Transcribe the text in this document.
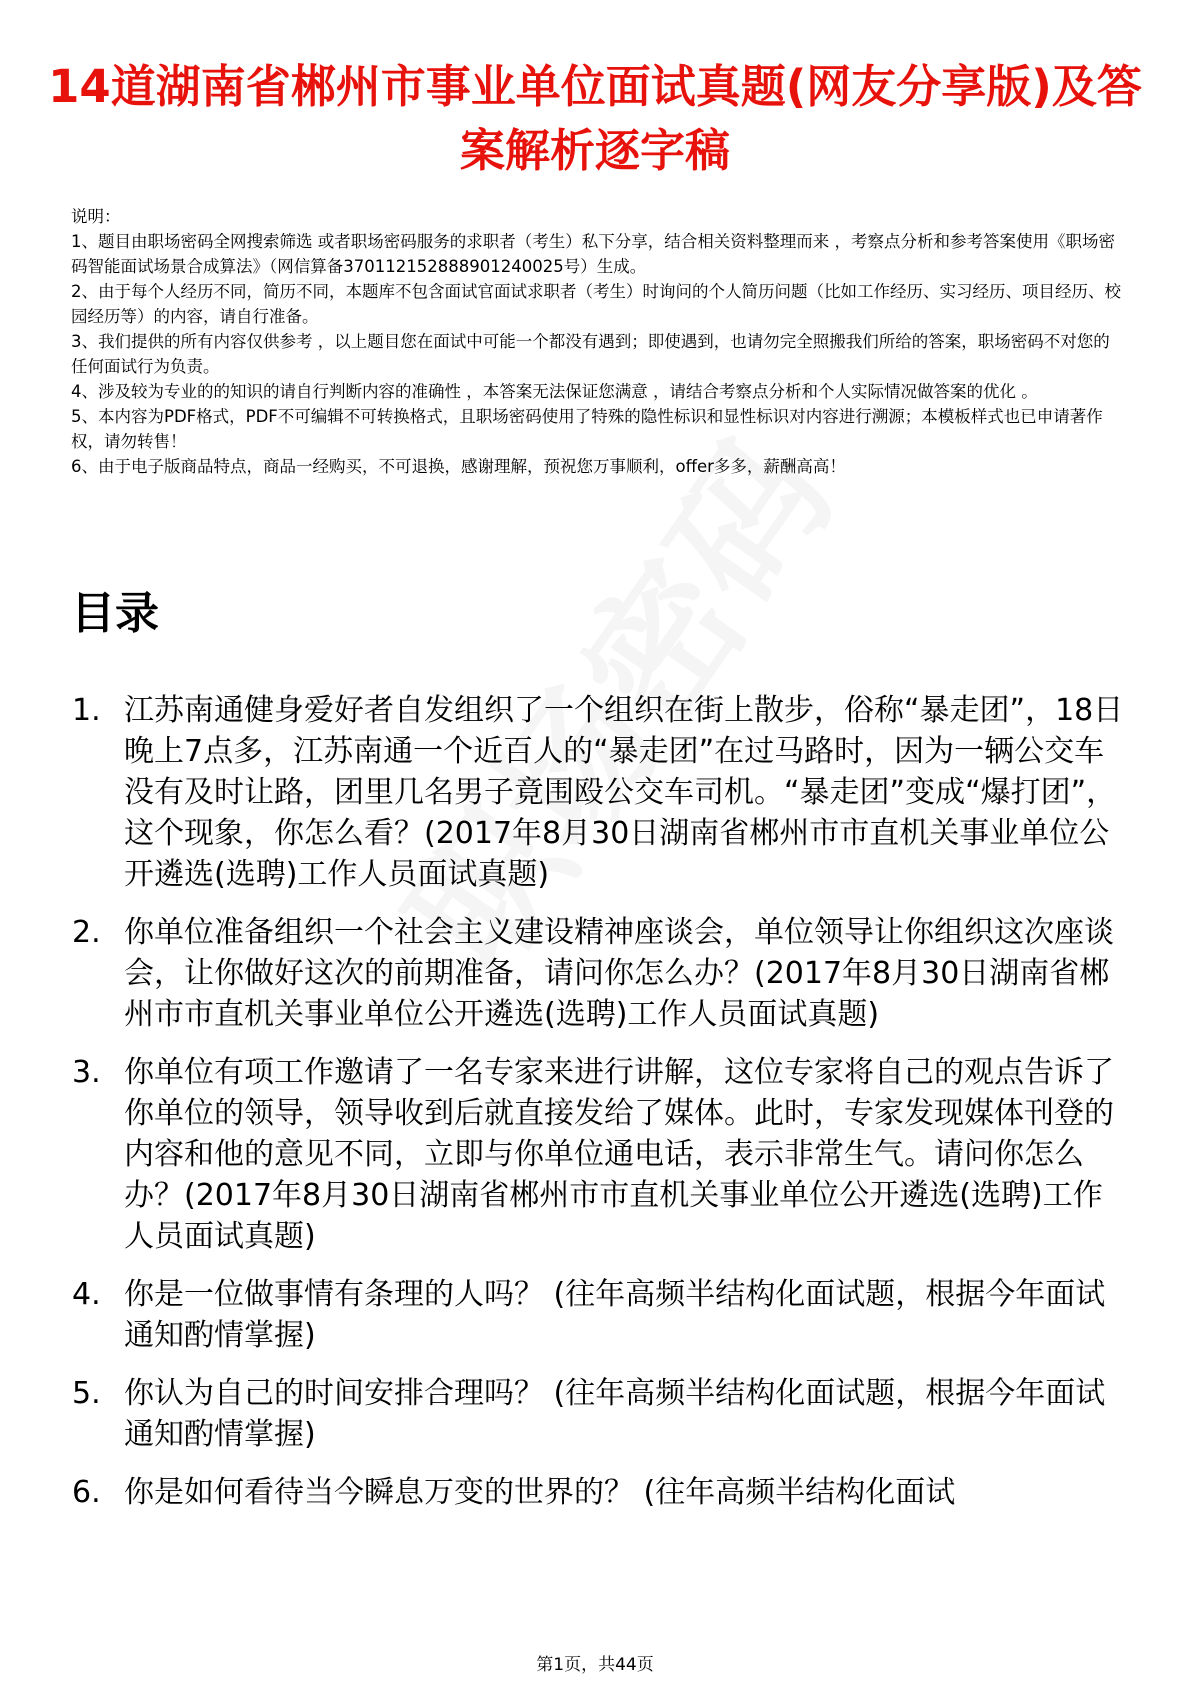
14道湖南省郴州市事业单位面试真题(网友分享版)及答案解析逐字稿

说明：

1、题目由职场密码全网搜索筛选 或者职场密码服务的求职者（考生）私下分享，结合相关资料整理而来 ，考察点分析和参考答案使用《职场密码智能面试场景合成算法》（网信算备370112152888901240025号）生成。

2、由于每个人经历不同，简历不同，本题库不包含面试官面试求职者（考生）时询问的个人简历问题（比如工作经历、实习经历、项目经历、校园经历等）的内容，请自行准备。

3、我们提供的所有内容仅供参考 ，以上题目您在面试中可能一个都没有遇到；即使遇到，也请勿完全照搬我们所给的答案，职场密码不对您的任何面试行为负责。

4、涉及较为专业的的知识的请自行判断内容的准确性 ，本答案无法保证您满意 ，请结合考察点分析和个人实际情况做答案的优化 。

5、本内容为PDF格式，PDF不可编辑不可转换格式，且职场密码使用了特殊的隐性标识和显性标识对内容进行溯源；本模板样式也已申请著作权，请勿转售！

6、由于电子版商品特点，商品一经购买，不可退换，感谢理解，预祝您万事顺利，offer多多，薪酬高高！

目录
1. 江苏南通健身爱好者自发组织了一个组织在街上散步，俗称“暴走团”，18日晚上7点多，江苏南通一个近百人的“暴走团”在过马路时，因为一辆公交车没有及时让路，团里几名男子竟围殴公交车司机。“暴走团”变成“爆打团”，这个现象，你怎么看？(2017年8月30日湖南省郴州市市直机关事业单位公开遴选(选聘)工作人员面试真题)
2. 你单位准备组织一个社会主义建设精神座谈会，单位领导让你组织这次座谈会，让你做好这次的前期准备，请问你怎么办？(2017年8月30日湖南省郴州市市直机关事业单位公开遴选(选聘)工作人员面试真题)
3. 你单位有项工作邀请了一名专家来进行讲解，这位专家将自己的观点告诉了你单位的领导，领导收到后就直接发给了媒体。此时，专家发现媒体刊登的内容和他的意见不同，立即与你单位通电话，表示非常生气。请问你怎么办？(2017年8月30日湖南省郴州市市直机关事业单位公开遴选(选聘)工作人员面试真题)
4. 你是一位做事情有条理的人吗？ (往年高频半结构化面试题，根据今年面试通知酌情掌握)
5. 你认为自己的时间安排合理吗？ (往年高频半结构化面试题，根据今年面试通知酌情掌握)
6. 你是如何看待当今瞬息万变的世界的？ (往年高频半结构化面试
第1页，共44页
